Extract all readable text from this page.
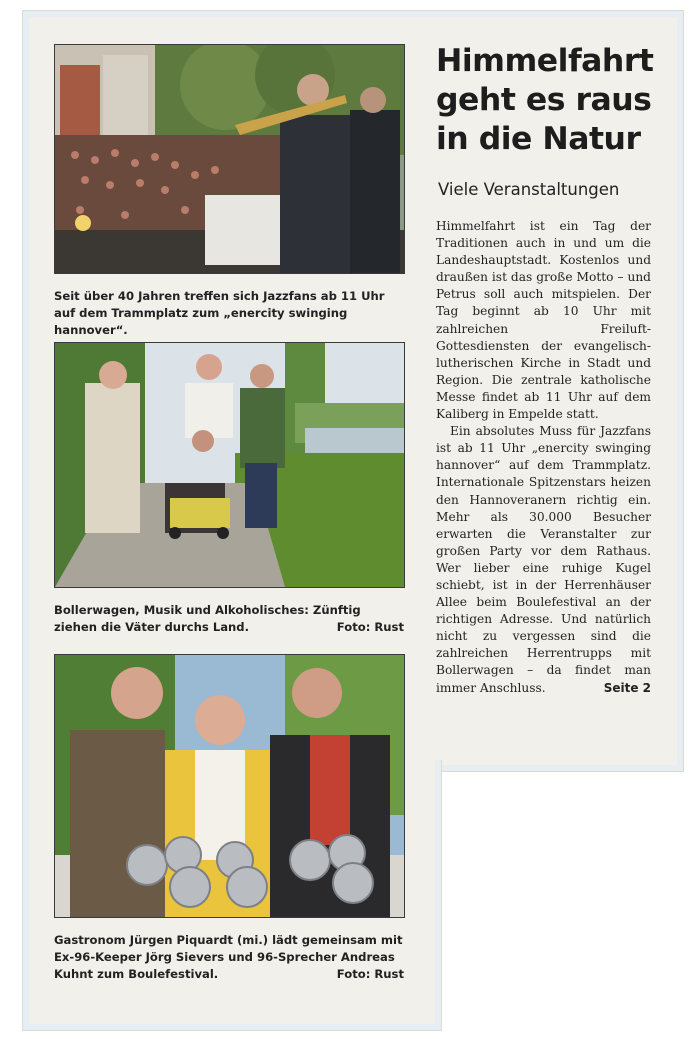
Seit über 40 Jahren treffen sich Jazzfans ab 11 Uhr auf dem Trammplatz zum „enercity swinging hannover“.
Bollerwagen, Musik und Alkoholisches: Zünftig ziehen die Väter durchs Land.	Foto: Rust
Gastronom Jürgen Piquardt (mi.) lädt gemeinsam mit Ex-96-Keeper Jörg Sievers und 96-Sprecher Andreas Kuhnt zum Boulefestival.	Foto: Rust
Himmelfahrt geht es raus in die Natur
Viele Veranstaltungen

Himmelfahrt ist ein Tag der Traditionen auch in und um die Landeshauptstadt. Kostenlos und draußen ist das große Motto – und Petrus soll auch mitspielen. Der Tag beginnt ab 10 Uhr mit zahlreichen Freiluft-Gottesdiensten der evangelisch-lutherischen Kirche in Stadt und Region. Die zentrale katholische Messe findet ab 11 Uhr auf dem Kaliberg in Empelde statt.

Ein absolutes Muss für Jazzfans ist ab 11 Uhr „enercity swinging hannover“ auf dem Trammplatz. Internationale Spitzenstars heizen den Hannoveranern richtig ein. Mehr als 30.000 Besucher erwarten die Veranstalter zur großen Party vor dem Rathaus. Wer lieber eine ruhige Kugel schiebt, ist in der Herrenhäuser Allee beim Boulefestival an der richtigen Adresse. Und natürlich nicht zu vergessen sind die zahlreichen Herrentrupps mit Bollerwagen – da findet man immer Anschluss.	Seite 2
